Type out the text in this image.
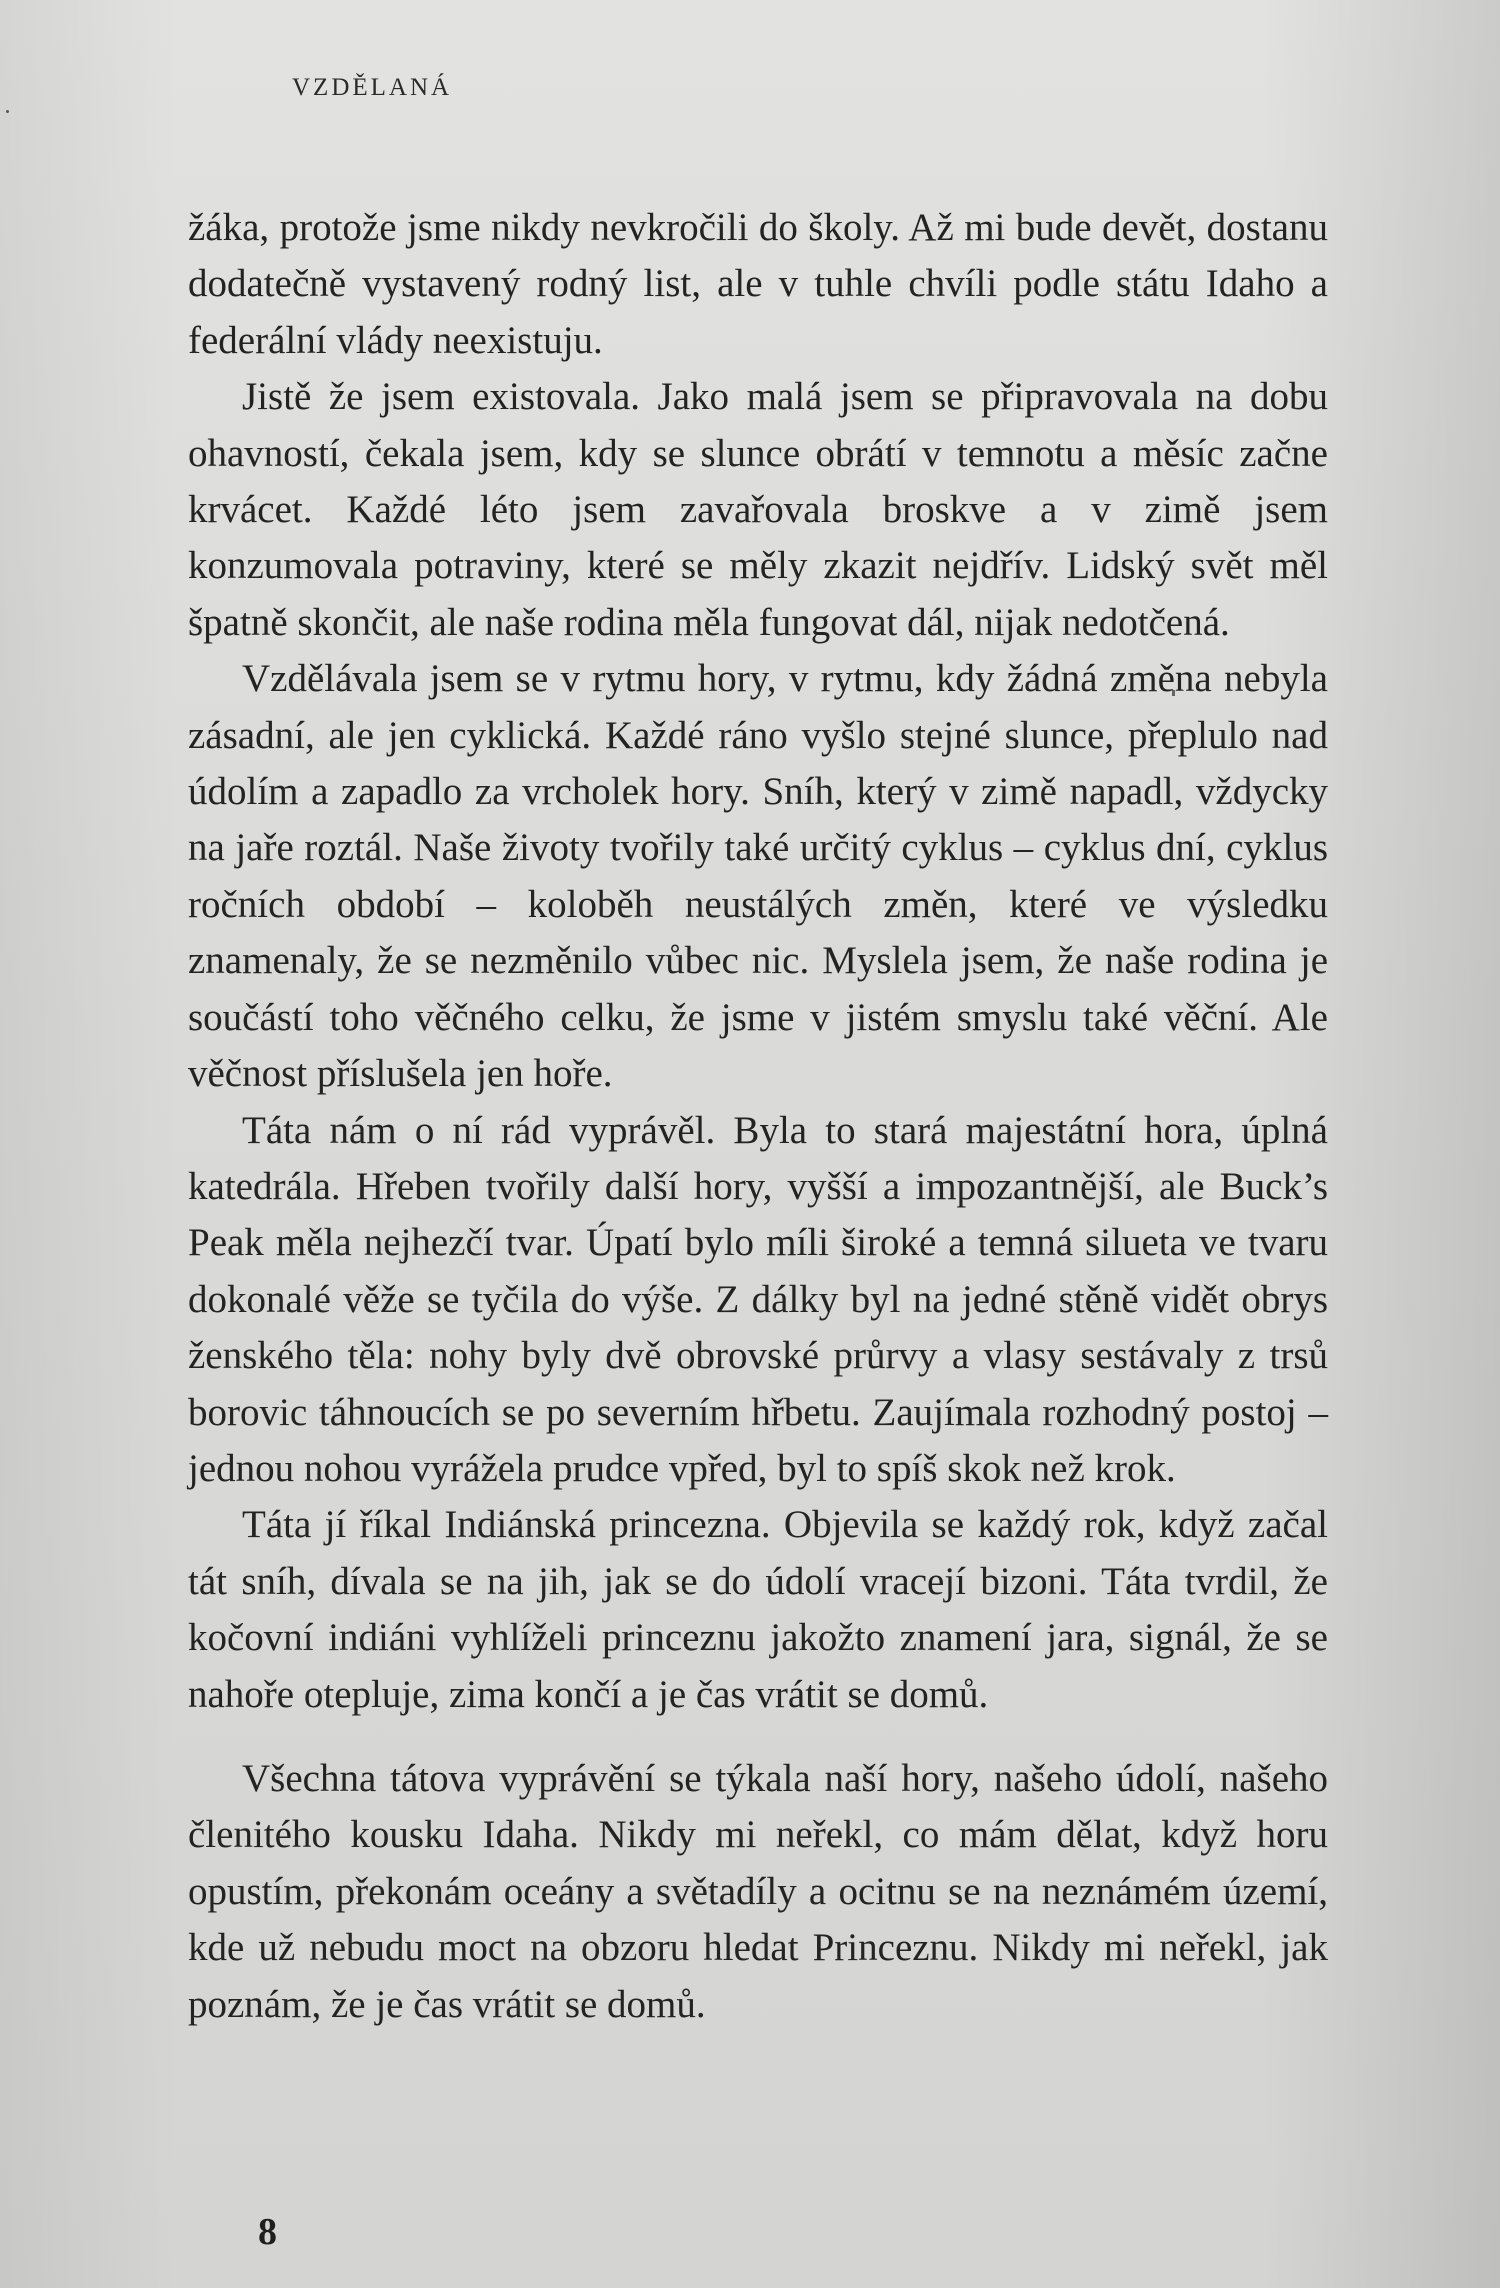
VZDĚLANÁ

žáka, protože jsme nikdy nevkročili do školy. Až mi bude devět, dostanu dodatečně vystavený rodný list, ale v tuhle chvíli podle státu Idaho a federální vlády neexistuju.

Jistě že jsem existovala. Jako malá jsem se připravovala na dobu ohavností, čekala jsem, kdy se slunce obrátí v temnotu a měsíc začne krvácet. Každé léto jsem zavařovala broskve a v zimě jsem konzumovala potraviny, které se měly zkazit nejdřív. Lidský svět měl špatně skončit, ale naše rodina měla fungovat dál, nijak nedotčená.

Vzdělávala jsem se v rytmu hory, v rytmu, kdy žádná změna nebyla zásadní, ale jen cyklická. Každé ráno vyšlo stejné slunce, přeplulo nad údolím a zapadlo za vrcholek hory. Sníh, který v zimě napadl, vždycky na jaře roztál. Naše životy tvořily také určitý cyklus – cyklus dní, cyklus ročních období – koloběh neustálých změn, které ve výsledku znamenaly, že se nezměnilo vůbec nic. Myslela jsem, že naše rodina je součástí toho věčného celku, že jsme v jistém smyslu také věční. Ale věčnost příslušela jen hoře.

Táta nám o ní rád vyprávěl. Byla to stará majestátní hora, úplná katedrála. Hřeben tvořily další hory, vyšší a impozantnější, ale Buck’s Peak měla nejhezčí tvar. Úpatí bylo míli široké a temná silueta ve tvaru dokonalé věže se tyčila do výše. Z dálky byl na jedné stěně vidět obrys ženského těla: nohy byly dvě obrovské průrvy a vlasy sestávaly z trsů borovic táhnoucích se po severním hřbetu. Zaujímala rozhodný postoj – jednou nohou vyrážela prudce vpřed, byl to spíš skok než krok.

Táta jí říkal Indiánská princezna. Objevila se každý rok, když začal tát sníh, dívala se na jih, jak se do údolí vracejí bizoni. Táta tvrdil, že kočovní indiáni vyhlíželi princeznu jakožto znamení jara, signál, že se nahoře otepluje, zima končí a je čas vrátit se domů.

Všechna tátova vyprávění se týkala naší hory, našeho údolí, našeho členitého kousku Idaha. Nikdy mi neřekl, co mám dělat, když horu opustím, překonám oceány a světadíly a ocitnu se na neznámém území, kde už nebudu moct na obzoru hledat Princeznu. Nikdy mi neřekl, jak poznám, že je čas vrátit se domů.

8
